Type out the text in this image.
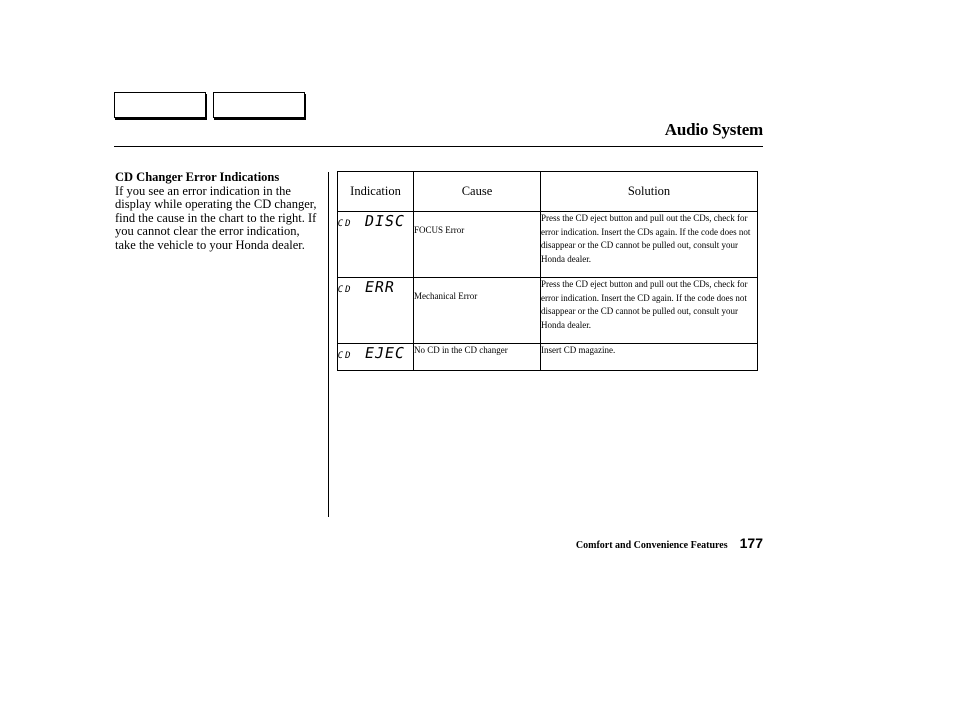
Audio System
CD Changer Error Indications
If you see an error indication in the display while operating the CD changer, find the cause in the chart to the right. If you cannot clear the error indication, take the vehicle to your Honda dealer.
Indication	Cause	Solution

CD DISC	FOCUS Error	Press the CD eject button and pull out the CDs, check for error indication. Insert the CDs again. If the code does not disappear or the CD cannot be pulled out, consult your Honda dealer.

CD ERR	Mechanical Error	Press the CD eject button and pull out the CDs, check for error indication. Insert the CD again. If the code does not disappear or the CD cannot be pulled out, consult your Honda dealer.

CD EJEC	No CD in the CD changer	Insert CD magazine.
Comfort and Convenience Features 177
